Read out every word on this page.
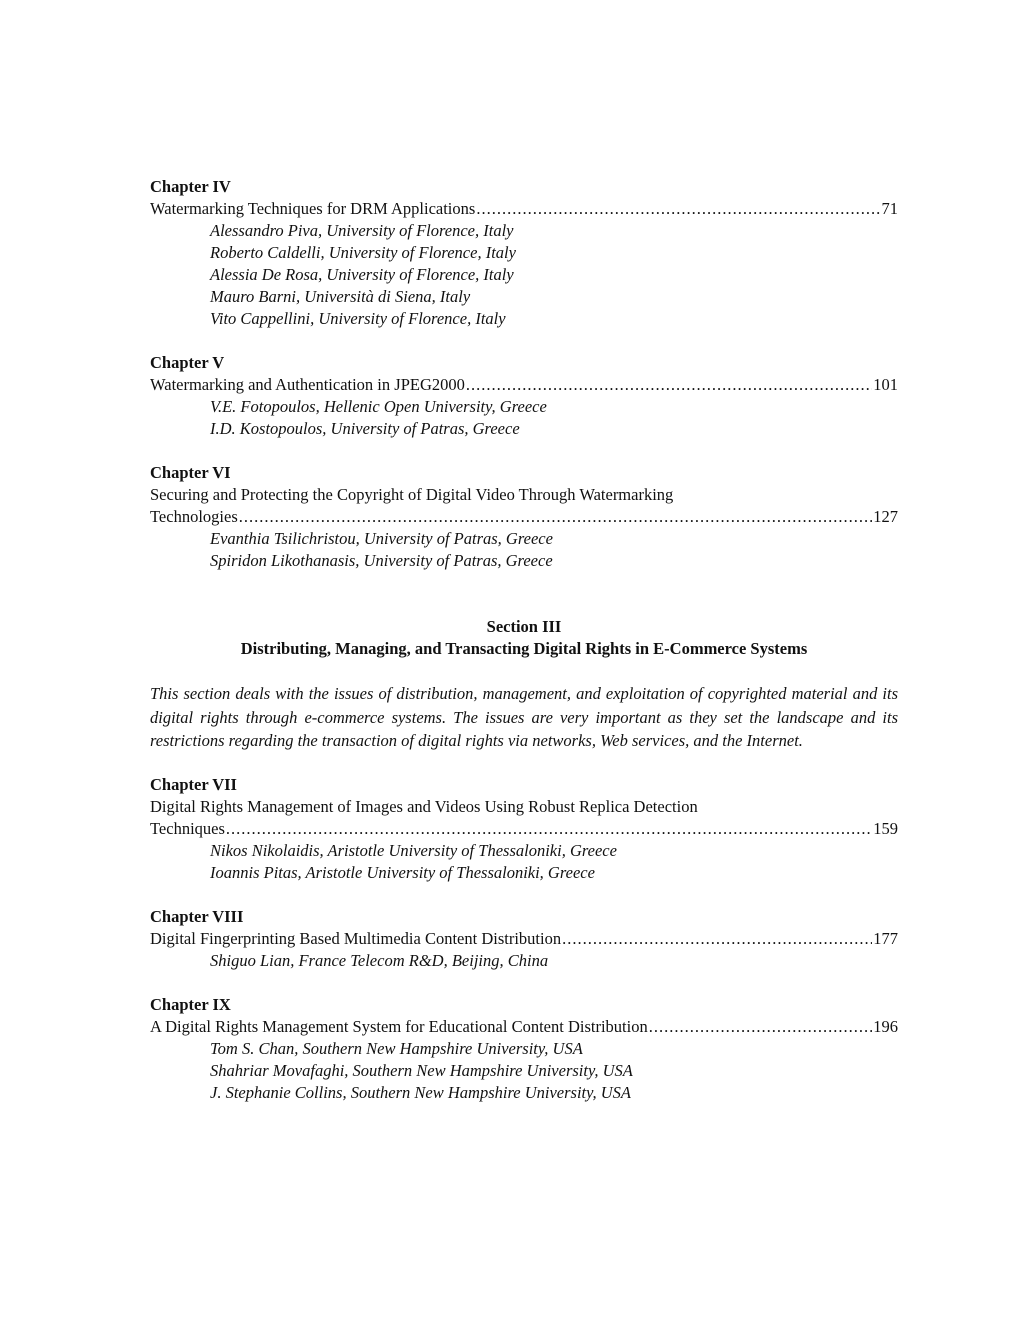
Chapter IV
Watermarking Techniques for DRM Applications .....	71
Alessandro Piva, University of Florence, Italy
Roberto Caldelli, University of Florence, Italy
Alessia De Rosa, University of Florence, Italy
Mauro Barni, Università di Siena, Italy
Vito Cappellini, University of Florence, Italy
Chapter V
Watermarking and Authentication in JPEG2000 .....	101
V.E. Fotopoulos, Hellenic Open University, Greece
I.D. Kostopoulos, University of Patras, Greece
Chapter VI
Securing and Protecting the Copyright of Digital Video Through Watermarking
Technologies .....	127
Evanthia Tsilichristou, University of Patras, Greece
Spiridon Likothanasis, University of Patras, Greece
Section III
Distributing, Managing, and Transacting Digital Rights in E-Commerce Systems
This section deals with the issues of distribution, management, and exploitation of copyrighted material and its digital rights through e-commerce systems. The issues are very important as they set the landscape and its restrictions regarding the transaction of digital rights via networks, Web services, and the Internet.
Chapter VII
Digital Rights Management of Images and Videos Using Robust Replica Detection
Techniques .....	159
Nikos Nikolaidis, Aristotle University of Thessaloniki, Greece
Ioannis Pitas, Aristotle University of Thessaloniki, Greece
Chapter VIII
Digital Fingerprinting Based Multimedia Content Distribution .....	177
Shiguo Lian, France Telecom R&D, Beijing, China
Chapter IX
A Digital Rights Management System for Educational Content Distribution .....	196
Tom S. Chan, Southern New Hampshire University, USA
Shahriar Movafaghi, Southern New Hampshire University, USA
J. Stephanie Collins, Southern New Hampshire University, USA
